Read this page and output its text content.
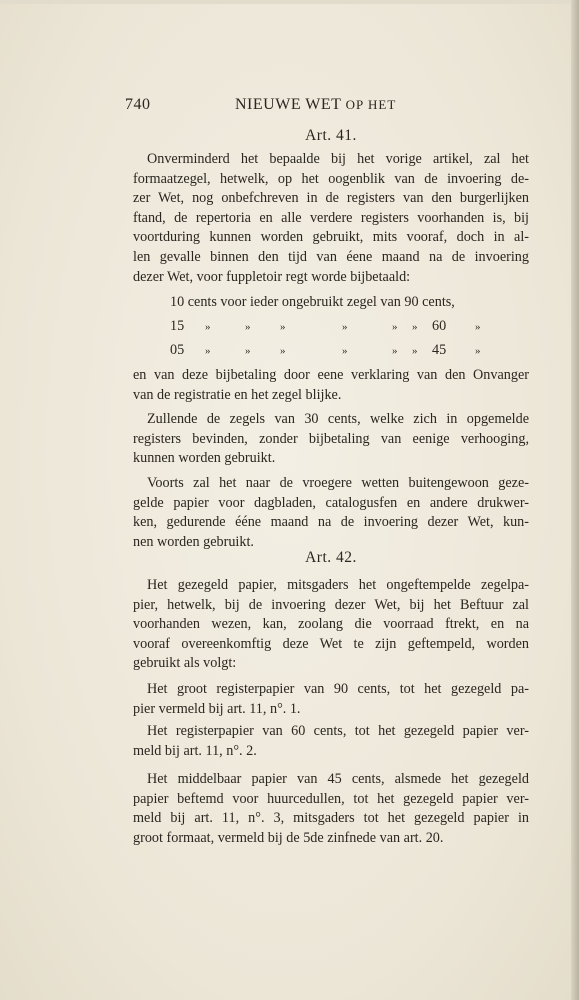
740	NIEUWE WET OP HET
Art. 41.
Onverminderd het bepaalde bij het vorige artikel, zal het
formaatzegel, hetwelk, op het oogenblik van de invoering de-
zer Wet, nog onbefchreven in de registers van den burgerlijken
ftand, de repertoria en alle verdere registers voorhanden is, bij
voortduring kunnen worden gebruikt, mits vooraf, doch in al-
len gevalle binnen den tijd van éene maand na de invoering
dezer Wet, voor fuppletoir regt worde bijbetaald:
10 cents voor ieder ongebruikt zegel van 90 cents,
15 »	»	»	»	» » 60	»
05 »	»	»	»	» » 45	»
en van deze bijbetaling door eene verklaring van den Onvanger
van de registratie en het zegel blijke.
Zullende de zegels van 30 cents, welke zich in opgemelde
registers bevinden, zonder bijbetaling van eenige verhooging,
kunnen worden gebruikt.
Voorts zal het naar de vroegere wetten buitengewoon geze-
gelde papier voor dagbladen, catalogusfen en andere drukwer-
ken, gedurende ééne maand na de invoering dezer Wet, kun-
nen worden gebruikt.
Art. 42.
Het gezegeld papier, mitsgaders het ongeftempelde zegelpa-
pier, hetwelk, bij de invoering dezer Wet, bij het Beftuur zal
voorhanden wezen, kan, zoolang die voorraad ftrekt, en na
vooraf overeenkomftig deze Wet te zijn geftempeld, worden
gebruikt als volgt:
Het groot registerpapier van 90 cents, tot het gezegeld pa-
pier vermeld bij art. 11, n°. 1.
Het registerpapier van 60 cents, tot het gezegeld papier ver-
meld bij art. 11, n°. 2.
Het middelbaar papier van 45 cents, alsmede het gezegeld
papier beftemd voor huurcedullen, tot het gezegeld papier ver-
meld bij art. 11, n°. 3, mitsgaders tot het gezegeld papier in
groot formaat, vermeld bij de 5de zinfnede van art. 20.
